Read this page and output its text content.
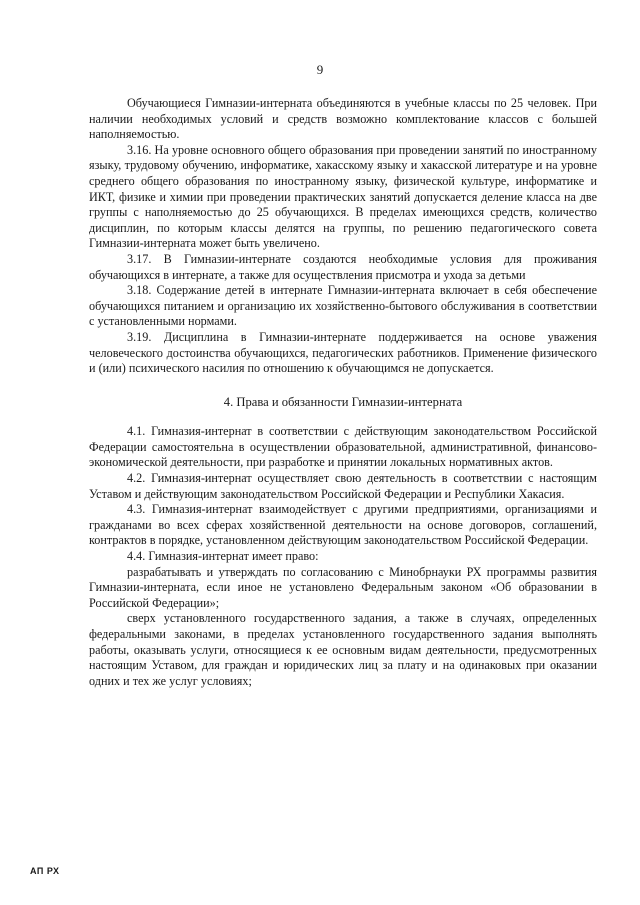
9

Обучающиеся Гимназии-интерната объединяются в учебные классы по 25 человек. При наличии необходимых условий и средств возможно комплектование классов с большей наполняемостью.

3.16. На уровне основного общего образования при проведении занятий по иностранному языку, трудовому обучению, информатике, хакасскому языку и хакасской литературе и на уровне среднего общего образования по иностранному языку, физической культуре, информатике и ИКТ, физике и химии при проведении практических занятий допускается деление класса на две группы с наполняемостью до 25 обучающихся. В пределах имеющихся средств, количество дисциплин, по которым классы делятся на группы, по решению педагогического совета Гимназии-интерната может быть увеличено.

3.17. В Гимназии-интернате создаются необходимые условия для проживания обучающихся в интернате, а также для осуществления присмотра и ухода за детьми

3.18. Содержание детей в интернате Гимназии-интерната включает в себя обеспечение обучающихся питанием и организацию их хозяйственно-бытового обслуживания в соответствии с установленными нормами.

3.19. Дисциплина в Гимназии-интернате поддерживается на основе уважения человеческого достоинства обучающихся, педагогических работников. Применение физического и (или) психического насилия по отношению к обучающимся не допускается.

4. Права и обязанности Гимназии-интерната

4.1. Гимназия-интернат в соответствии с действующим законодательством Российской Федерации самостоятельна в осуществлении образовательной, административной, финансово-экономической деятельности, при разработке и принятии локальных нормативных актов.

4.2. Гимназия-интернат осуществляет свою деятельность в соответствии с настоящим Уставом и действующим законодательством Российской Федерации и Республики Хакасия.

4.3. Гимназия-интернат взаимодействует с другими предприятиями, организациями и гражданами во всех сферах хозяйственной деятельности на основе договоров, соглашений, контрактов в порядке, установленном действующим законодательством Российской Федерации.

4.4. Гимназия-интернат имеет право:

разрабатывать и утверждать по согласованию с Минобрнауки РХ программы развития Гимназии-интерната, если иное не установлено Федеральным законом «Об образовании в Российской Федерации»;

сверх установленного государственного задания, а также в случаях, определенных федеральными законами, в пределах установленного государственного задания выполнять работы, оказывать услуги, относящиеся к ее основным видам деятельности, предусмотренных настоящим Уставом, для граждан и юридических лиц за плату и на одинаковых при оказании одних и тех же услуг условиях;

АП РХ
